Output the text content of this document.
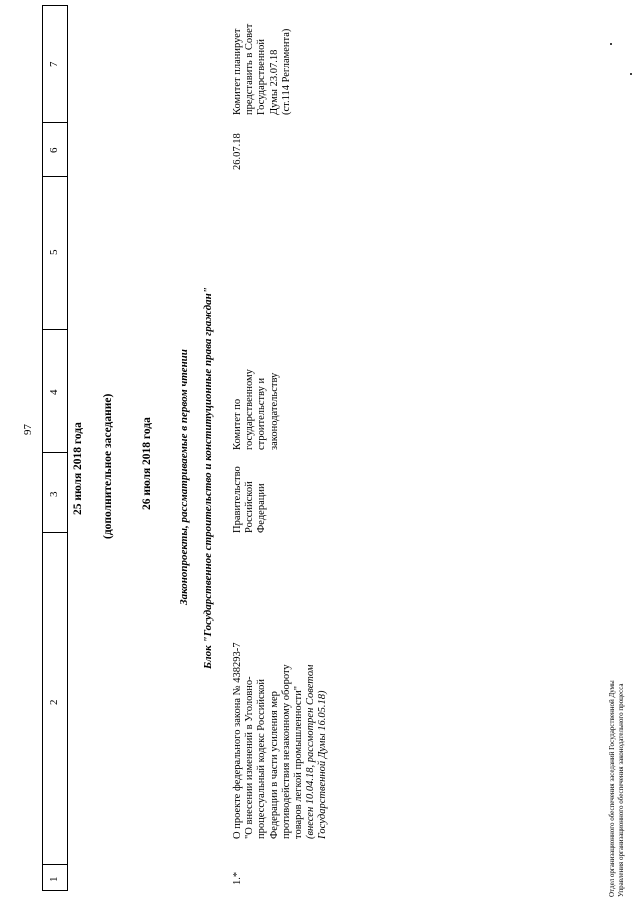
97
1
2
3
4
5
6
7
25 июля 2018 года (дополнительное заседание) 26 июля 2018 года Законопроекты, рассматриваемые в первом чтении Блок "Государственное строительство и конституционные права граждан"
1.*
О проекте федерального закона № 438293-7 "О внесении изменений в Уголовно- процессуальный кодекс Российской Федерации в части усиления мер противодействия незаконному обороту товаров легкой промышленности" (внесен 10.04.18, рассмотрен Советом Государственной Думы 16.05.18)
Правительство Российской Федерации
Комитет по государственному строительству и законодательству
26.07.18
Комитет планирует представить в Совет Государственной Думы 23.07.18 (ст.114 Регламента)
Отдел организационного обеспечения заседаний Государственной Думы Управления организационного обеспечения законодательного процесса
